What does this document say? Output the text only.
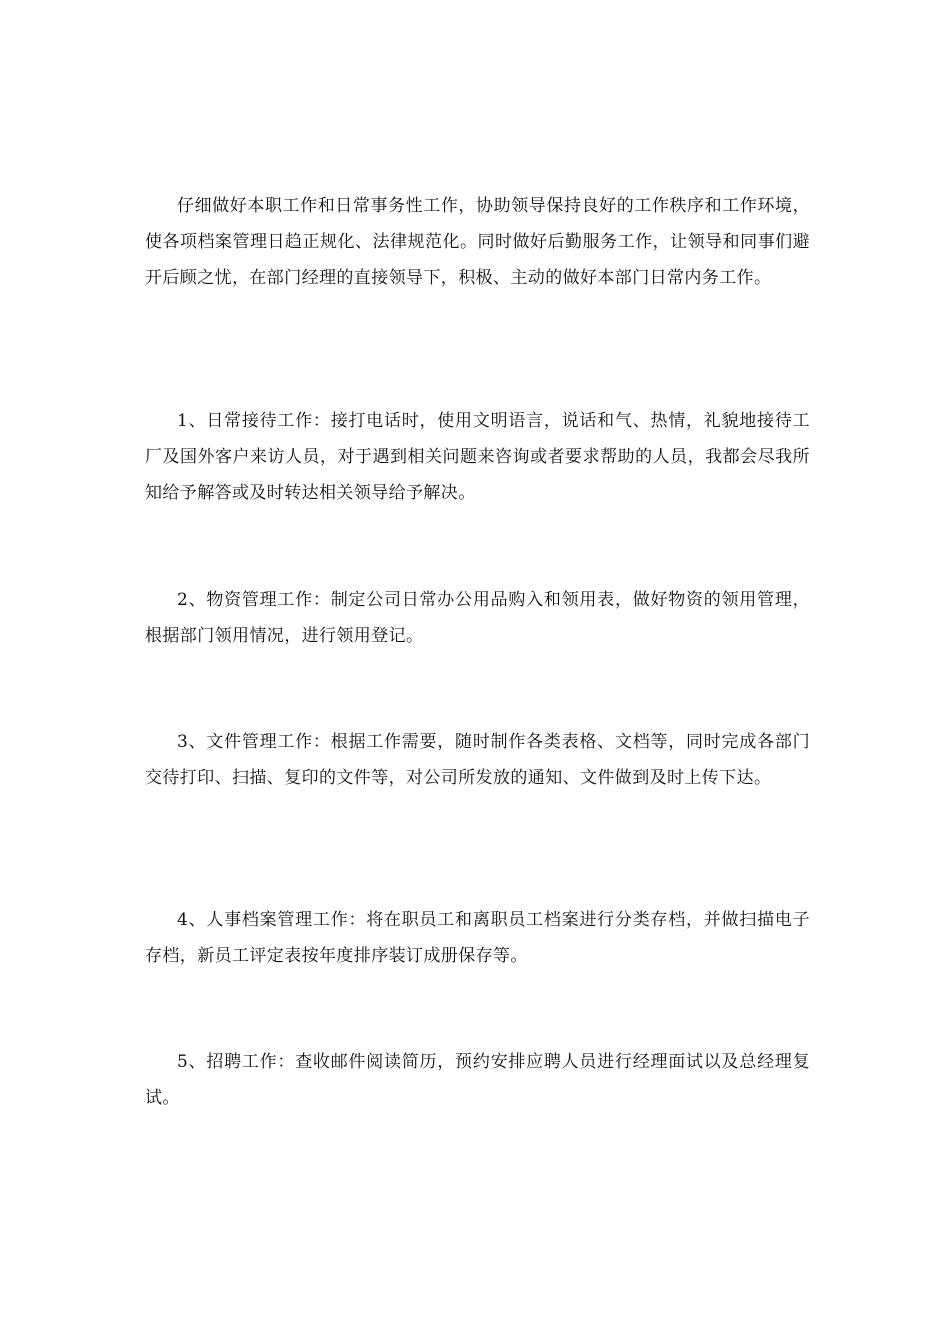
仔细做好本职工作和日常事务性工作，协助领导保持良好的工作秩序和工作环境，使各项档案管理日趋正规化、法律规范化。同时做好后勤服务工作，让领导和同事们避开后顾之忧，在部门经理的直接领导下，积极、主动的做好本部门日常内务工作。

1、日常接待工作：接打电话时，使用文明语言，说话和气、热情，礼貌地接待工厂及国外客户来访人员，对于遇到相关问题来咨询或者要求帮助的人员，我都会尽我所知给予解答或及时转达相关领导给予解决。

2、物资管理工作：制定公司日常办公用品购入和领用表，做好物资的领用管理，根据部门领用情况，进行领用登记。

3、文件管理工作：根据工作需要，随时制作各类表格、文档等，同时完成各部门交待打印、扫描、复印的文件等，对公司所发放的通知、文件做到及时上传下达。

4、人事档案管理工作：将在职员工和离职员工档案进行分类存档，并做扫描电子存档，新员工评定表按年度排序装订成册保存等。

5、招聘工作：查收邮件阅读简历，预约安排应聘人员进行经理面试以及总经理复试。
